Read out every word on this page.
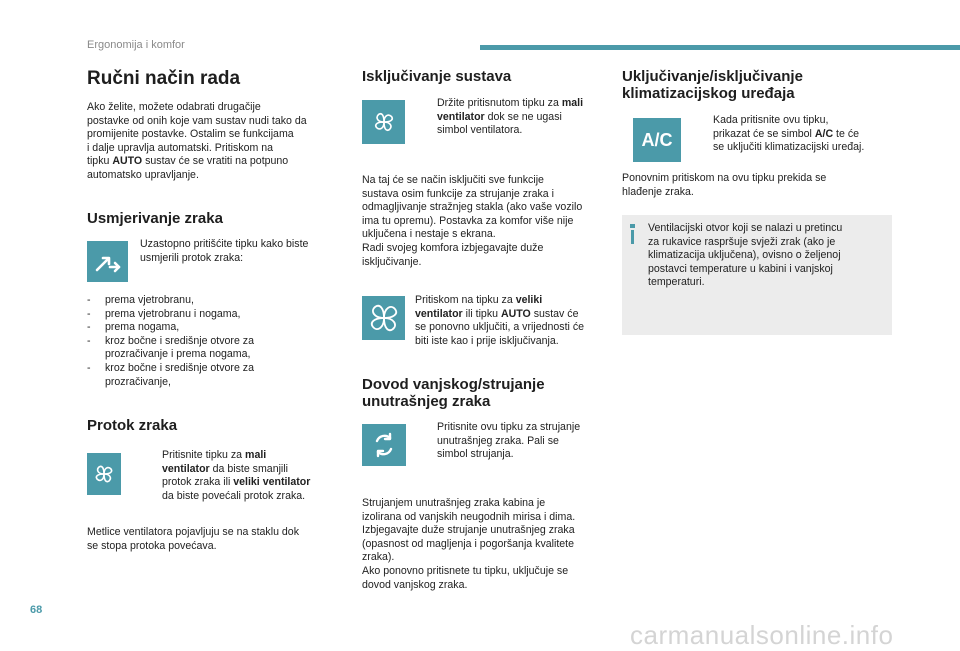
Ergonomija i komfor
68
carmanualsonline.info
Ručni način rada
Ako želite, možete odabrati drugačije
postavke od onih koje vam sustav nudi tako da
promijenite postavke. Ostalim se funkcijama
i dalje upravlja automatski. Pritiskom na
tipku AUTO sustav će se vratiti na potpuno
automatsko upravljanje.
Usmjerivanje zraka
Uzastopno pritišćite tipku kako biste
usmjerili protok zraka:
- prema vjetrobranu,
- prema vjetrobranu i nogama,
- prema nogama,
- kroz bočne i središnje otvore za prozračivanje i prema nogama,
- kroz bočne i središnje otvore za prozračivanje,
Protok zraka
Pritisnite tipku za mali
ventilator da biste smanjili
protok zraka ili veliki ventilator
da biste povećali protok zraka.
Metlice ventilatora pojavljuju se na staklu dok
se stopa protoka povećava.
Isključivanje sustava
Držite pritisnutom tipku za mali
ventilator dok se ne ugasi
simbol ventilatora.
Na taj će se način isključiti sve funkcije
sustava osim funkcije za strujanje zraka i
odmagljivanje stražnjeg stakla (ako vaše vozilo
ima tu opremu). Postavka za komfor više nije
uključena i nestaje s ekrana.
Radi svojeg komfora izbjegavajte duže
isključivanje.
Pritiskom na tipku za veliki
ventilator ili tipku AUTO sustav će
se ponovno uključiti, a vrijednosti će
biti iste kao i prije isključivanja.
Dovod vanjskog/strujanje
unutrašnjeg zraka
Pritisnite ovu tipku za strujanje
unutrašnjeg zraka. Pali se
simbol strujanja.
Strujanjem unutrašnjeg zraka kabina je
izolirana od vanjskih neugodnih mirisa i dima.
Izbjegavajte duže strujanje unutrašnjeg zraka
(opasnost od magljenja i pogoršanja kvalitete
zraka).
Ako ponovno pritisnete tu tipku, uključuje se
dovod vanjskog zraka.
Uključivanje/isključivanje
klimatizacijskog uređaja
A/C
Kada pritisnite ovu tipku,
prikazat će se simbol A/C te će
se uključiti klimatizacijski uređaj.
Ponovnim pritiskom na ovu tipku prekida se
hlađenje zraka.
Ventilacijski otvor koji se nalazi u pretincu
za rukavice raspršuje svježi zrak (ako je
klimatizacija uključena), ovisno o željenoj
postavci temperature u kabini i vanjskoj
temperaturi.
